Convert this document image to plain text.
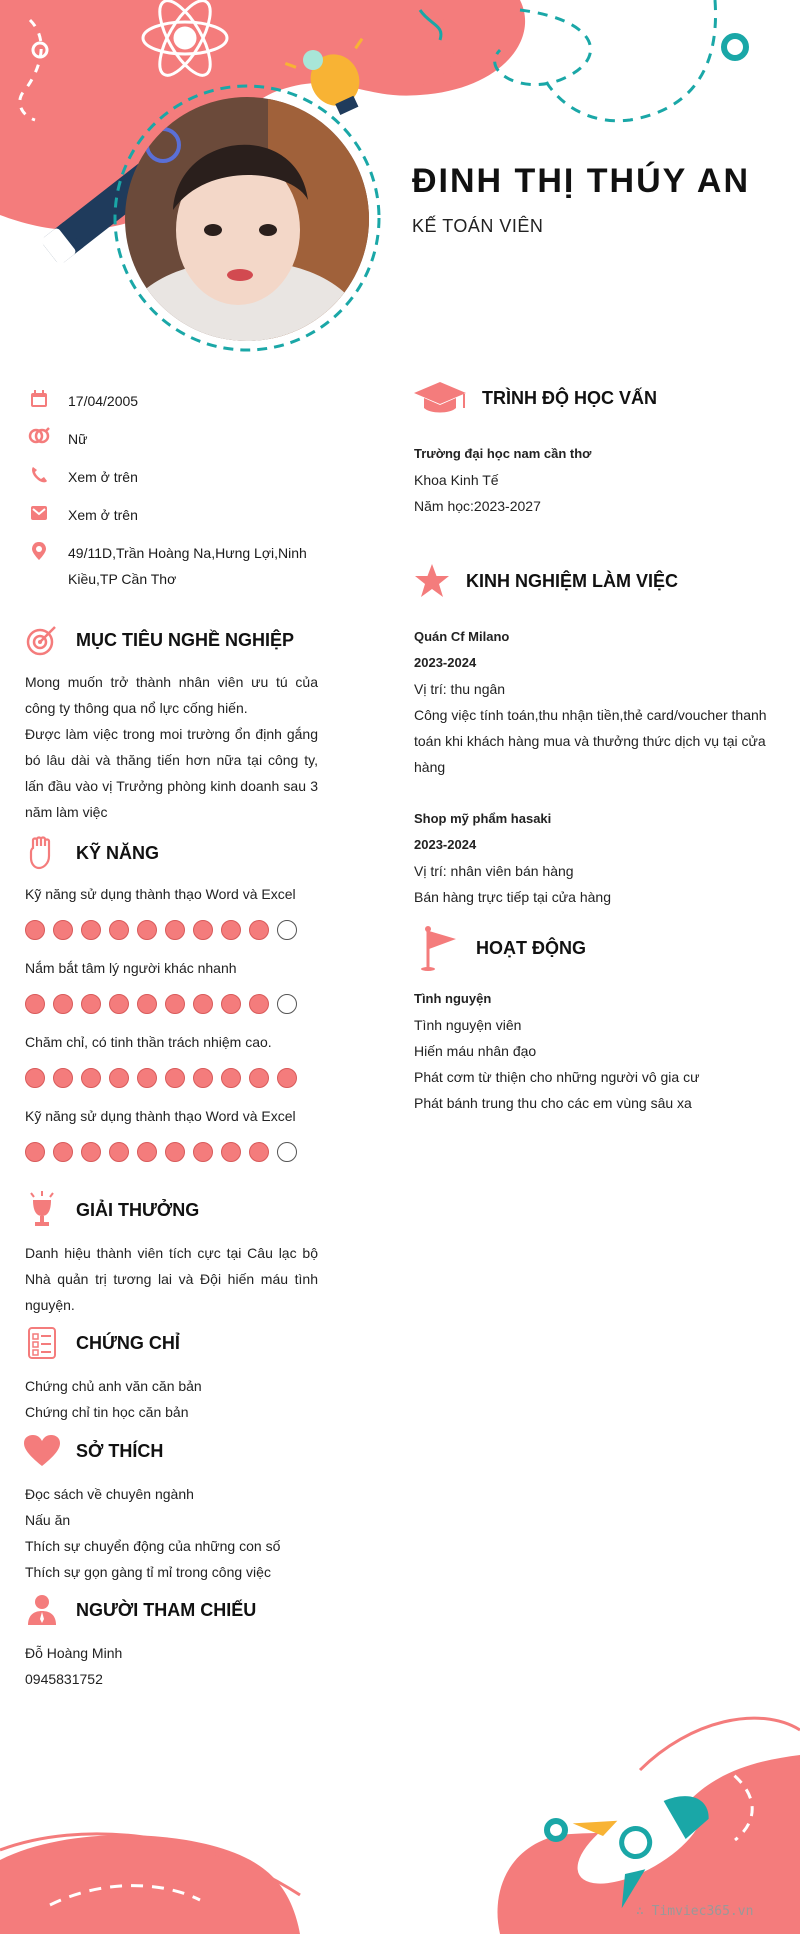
ĐINH THỊ THÚY AN
KẾ TOÁN VIÊN
17/04/2005
Nữ
Xem ở trên
Xem ở trên
49/11D,Trần Hoàng Na,Hưng Lợi,Ninh Kiều,TP Cần Thơ
MỤC TIÊU NGHỀ NGHIỆP
Mong muốn trở thành nhân viên ưu tú của công ty thông qua nổ lực cống hiến.
Được làm việc trong moi trường ổn định gắng bó lâu dài và thăng tiến hơn nữa tại công ty, lấn đầu vào vị Trưởng phòng kinh doanh sau 3 năm làm việc
KỸ NĂNG
Kỹ năng sử dụng thành thạo Word và Excel
Nắm bắt tâm lý người khác nhanh
Chăm chỉ, có tinh thần trách nhiệm cao.
Kỹ năng sử dụng thành thạo Word và Excel
GIẢI THƯỞNG
Danh hiệu thành viên tích cực tại Câu lạc bộ Nhà quản trị tương lai và Đội hiến máu tình nguyện.
CHỨNG CHỈ
Chứng chủ anh văn căn bản
Chứng chỉ tin học căn bản
SỞ THÍCH
Đọc sách về chuyên ngành
Nấu ăn
Thích sự chuyển động của những con số
Thích sự gọn gàng tỉ mỉ trong công việc
NGƯỜI THAM CHIẾU
Đỗ Hoàng Minh
0945831752
TRÌNH ĐỘ HỌC VẤN
Trường đại học nam cần thơ
Khoa Kinh Tế
Năm học:2023-2027
KINH NGHIỆM LÀM VIỆC
Quán Cf Milano
2023-2024
Vị trí: thu ngân
Công việc tính toán,thu nhận tiền,thẻ card/voucher thanh toán khi khách hàng mua và thưởng thức dịch vụ tại cửa hàng
Shop mỹ phẩm hasaki
2023-2024
Vị trí: nhân viên bán hàng
Bán hàng trực tiếp tại cửa hàng
HOẠT ĐỘNG
Tình nguyện
Tình nguyện viên
Hiến máu nhân đạo
Phát cơm từ thiện cho những người vô gia cư
Phát bánh trung thu cho các em vùng sâu xa
∴ Timviec365.vn
